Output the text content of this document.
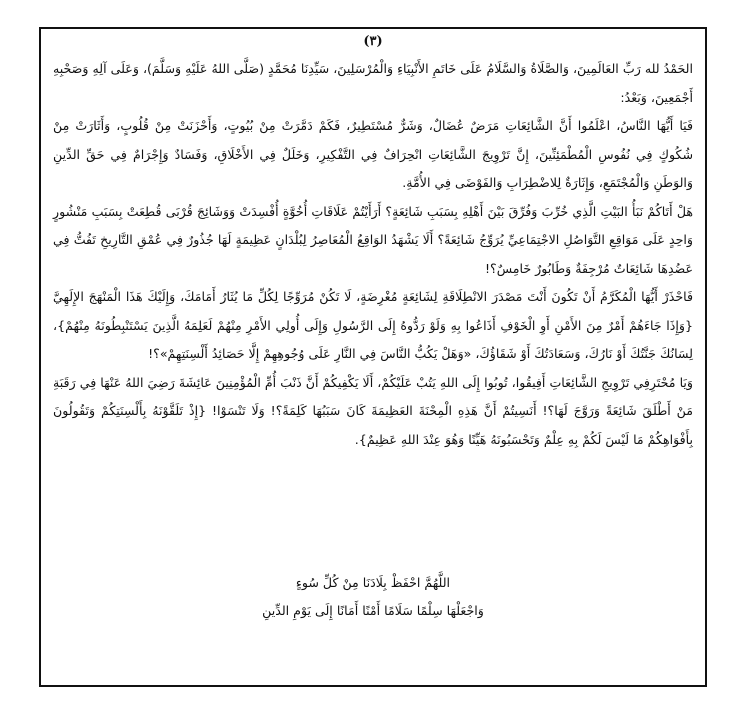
(٣)

الحَمْدُ لله رَبِّ العَالَمِينَ، وَالصَّلَاةُ وَالسَّلَامُ عَلَى خَاتَمِ الأَنْبِيَاءِ وَالْمُرْسَلِينَ، سَيِّدِنَا مُحَمَّدٍ (صَلَّى اللهُ عَلَيْهِ وَسَلَّمَ)، وَعَلَى آلِهِ وَصَحْبِهِ أَجْمَعِينَ، وَبَعْدُ:

فَيَا أَيُّهَا النَّاسُ، اعْلَمُوا أَنَّ الشَّائِعَاتِ مَرَضٌ عُضَالٌ، وَشَرٌّ مُسْتَطِيرٌ، فَكَمْ دَمَّرَتْ مِنْ بُيُوتٍ، وَأَحْزَنَتْ مِنْ قُلُوبٍ، وَأَثَارَتْ مِنْ شُكُوكٍ فِي نُفُوسِ الْمُطْمَئِنِّينَ، إِنَّ تَرْوِيجَ الشَّائِعَاتِ انْحِرَافٌ فِي التَّفْكِيرِ، وَخَلَلٌ فِي الأَخْلَاقِ، وَفَسَادٌ وَإِجْرَامٌ فِي حَقِّ الدِّينِ وَالوَطَنِ وَالْمُجْتَمَعِ، وَإِثَارَةٌ لِلاضْطِرَابِ وَالفَوْضَى فِي الأُمَّةِ.

هَلْ أَتَاكُمْ نَبَأُ البَيْتِ الَّذِي خُرِّبَ وَفُرِّقَ بَيْنَ أَهْلِهِ بِسَبَبِ شَائِعَةٍ؟ أَرَأَيْتُمْ عَلَاقَاتِ أُخُوَّةٍ أُفْسِدَتْ وَوَشَائِجَ قُرْبَى قُطِعَتْ بِسَبَبِ مَنْشُورٍ وَاحِدٍ عَلَى مَوَاقِعِ التَّوَاصُلِ الاجْتِمَاعِيِّ يُرَوِّجُ شَائِعَةً؟ أَلَا يَشْهَدُ الوَاقِعُ الْمُعَاصِرُ لِبُلْدَانٍ عَظِيمَةٍ لَهَا جُذُورٌ فِي عُمْقِ التَّارِيخِ تَفُتُّ فِي عَضُدِهَا شَائِعَاتٌ مُرْجِفَةٌ وَطَابُورٌ خَامِسٌ؟!

فَاحْذَرْ أَيُّهَا الْمُكَرَّمُ أَنْ تَكُونَ أَنْتَ مَصْدَرَ الانْطِلَاقَةِ لِشَائِعَةٍ مُغْرِضَةٍ، لَا تَكُنْ مُرَوِّجًا لِكُلِّ مَا يُثَارُ أَمَامَكَ، وَإِلَيْكَ هَذَا الْمَنْهَجَ الإِلَهِيَّ {وَإِذَا جَاءَهُمْ أَمْرٌ مِنَ الأَمْنِ أَوِ الْخَوْفِ أَذَاعُوا بِهِ وَلَوْ رَدُّوهُ إِلَى الرَّسُولِ وَإِلَى أُولِي الأَمْرِ مِنْهُمْ لَعَلِمَهُ الَّذِينَ يَسْتَنْبِطُونَهُ مِنْهُمْ}، لِسَانُكَ جَنَّتُكَ أَوْ نَارُكَ، وَسَعَادَتُكَ أَوْ شَقَاؤُكَ، «وَهَلْ يَكُبُّ النَّاسَ فِي النَّارِ عَلَى وُجُوهِهِمْ إِلَّا حَصَائِدُ أَلْسِنَتِهِمْ»؟!

وَيَا مُحْتَرِفِي تَرْوِيجِ الشَّائِعَاتِ أَفِيقُوا، تُوبُوا إِلَى اللهِ يَتُبْ عَلَيْكُمْ، أَلَا يَكْفِيكُمْ أَنَّ ذَنْبَ أُمِّ الْمُؤْمِنِينَ عَائِشَةَ رَضِيَ اللهُ عَنْهَا فِي رَقَبَةِ مَنْ أَطْلَقَ شَائِعَةً وَرَوَّجَ لَهَا؟! أَنَسِيتُمْ أَنَّ هَذِهِ الْمِحْنَةَ العَظِيمَةَ كَانَ سَبَبُهَا كَلِمَةً؟! وَلَا تَنْسَوْا! {إِذْ تَلَقَّوْنَهُ بِأَلْسِنَتِكُمْ وَتَقُولُونَ بِأَفْوَاهِكُمْ مَا لَيْسَ لَكُمْ بِهِ عِلْمٌ وَتَحْسَبُونَهُ هَيِّنًا وَهُوَ عِنْدَ اللهِ عَظِيمٌ}.

اللَّهُمَّ احْفَظْ بِلَادَنَا مِنْ كُلِّ سُوءٍ

وَاجْعَلْهَا سِلْمًا سَلَامًا أَمْنًا أَمَانًا إِلَى يَوْمِ الدِّينِ
